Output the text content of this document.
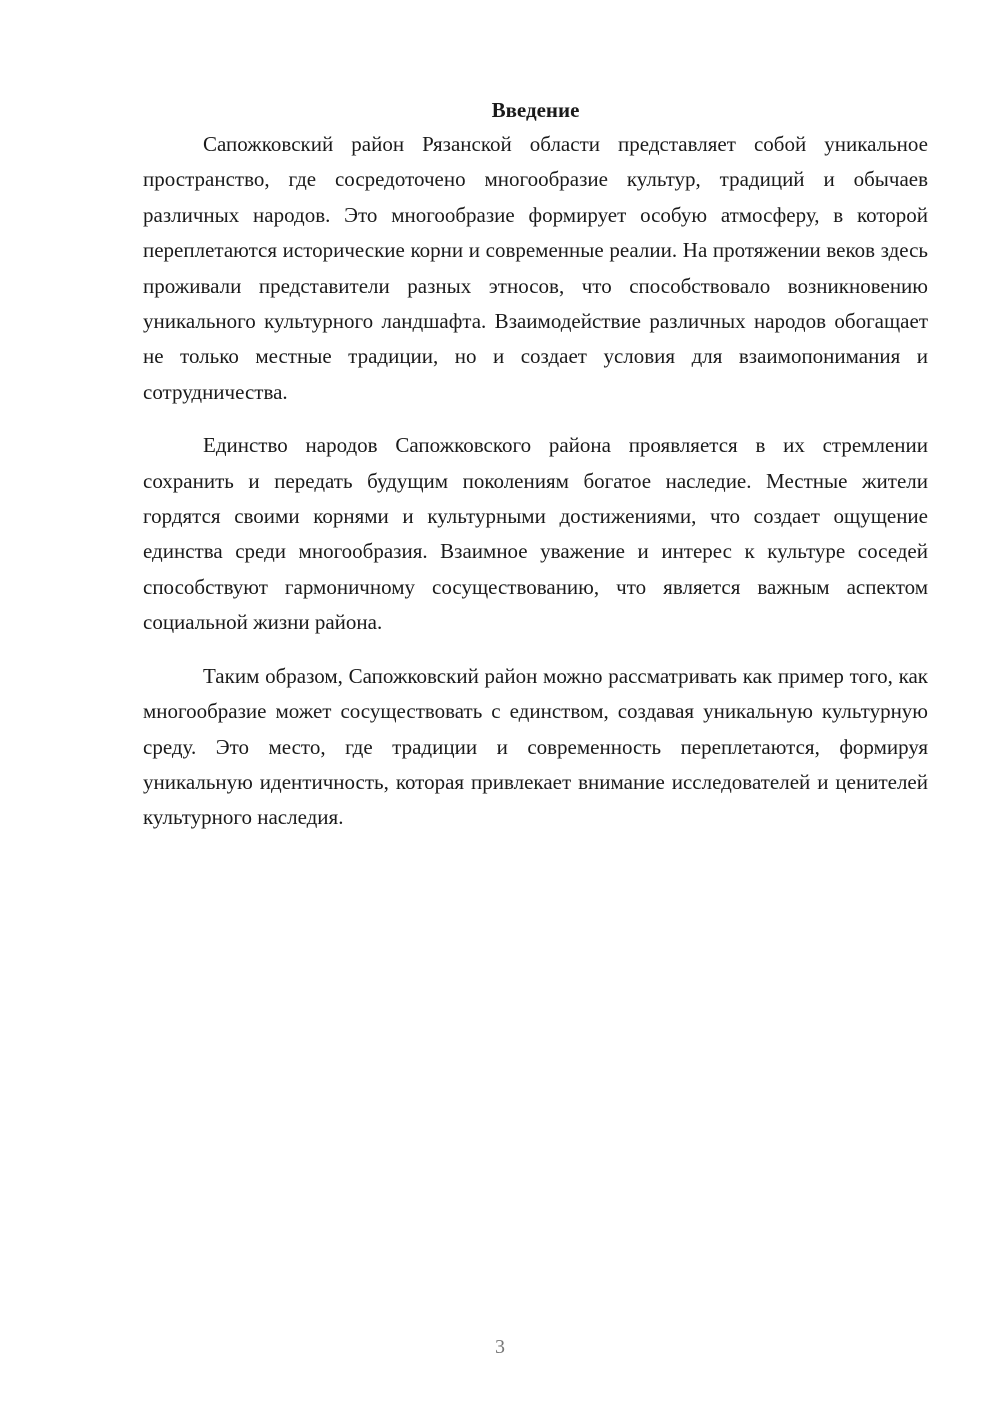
Введение

Сапожковский район Рязанской области представляет собой уникальное пространство, где сосредоточено многообразие культур, традиций и обычаев различных народов. Это многообразие формирует особую атмосферу, в которой переплетаются исторические корни и современные реалии. На протяжении веков здесь проживали представители разных этносов, что способствовало возникновению уникального культурного ландшафта. Взаимодействие различных народов обогащает не только местные традиции, но и создает условия для взаимопонимания и сотрудничества.

Единство народов Сапожковского района проявляется в их стремлении сохранить и передать будущим поколениям богатое наследие. Местные жители гордятся своими корнями и культурными достижениями, что создает ощущение единства среди многообразия. Взаимное уважение и интерес к культуре соседей способствуют гармоничному сосуществованию, что является важным аспектом социальной жизни района.

Таким образом, Сапожковский район можно рассматривать как пример того, как многообразие может сосуществовать с единством, создавая уникальную культурную среду. Это место, где традиции и современность переплетаются, формируя уникальную идентичность, которая привлекает внимание исследователей и ценителей культурного наследия.

3
